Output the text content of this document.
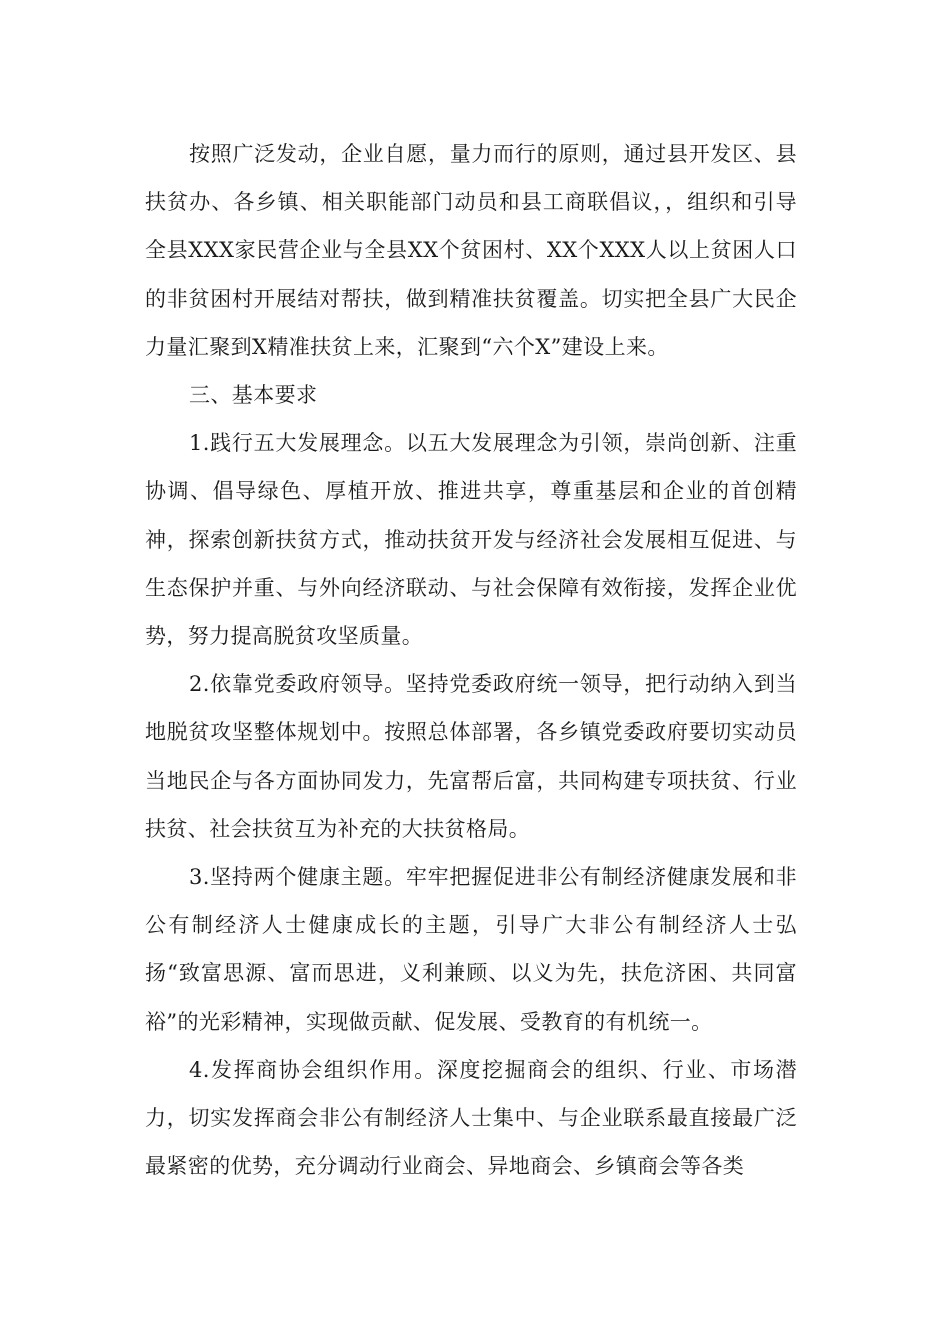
按照广泛发动，企业自愿，量力而行的原则，通过县开发区、县扶贫办、各乡镇、相关职能部门动员和县工商联倡议，，组织和引导全县XXX家民营企业与全县XX个贫困村、XX个XXX人以上贫困人口的非贫困村开展结对帮扶，做到精准扶贫覆盖。切实把全县广大民企力量汇聚到X精准扶贫上来，汇聚到“六个X”建设上来。

三、基本要求

1.践行五大发展理念。以五大发展理念为引领，崇尚创新、注重协调、倡导绿色、厚植开放、推进共享，尊重基层和企业的首创精神，探索创新扶贫方式，推动扶贫开发与经济社会发展相互促进、与生态保护并重、与外向经济联动、与社会保障有效衔接，发挥企业优势，努力提高脱贫攻坚质量。

2.依靠党委政府领导。坚持党委政府统一领导，把行动纳入到当地脱贫攻坚整体规划中。按照总体部署，各乡镇党委政府要切实动员当地民企与各方面协同发力，先富帮后富，共同构建专项扶贫、行业扶贫、社会扶贫互为补充的大扶贫格局。

3.坚持两个健康主题。牢牢把握促进非公有制经济健康发展和非公有制经济人士健康成长的主题，引导广大非公有制经济人士弘扬“致富思源、富而思进，义利兼顾、以义为先，扶危济困、共同富裕”的光彩精神，实现做贡献、促发展、受教育的有机统一。

4.发挥商协会组织作用。深度挖掘商会的组织、行业、市场潜力，切实发挥商会非公有制经济人士集中、与企业联系最直接最广泛最紧密的优势，充分调动行业商会、异地商会、乡镇商会等各类
